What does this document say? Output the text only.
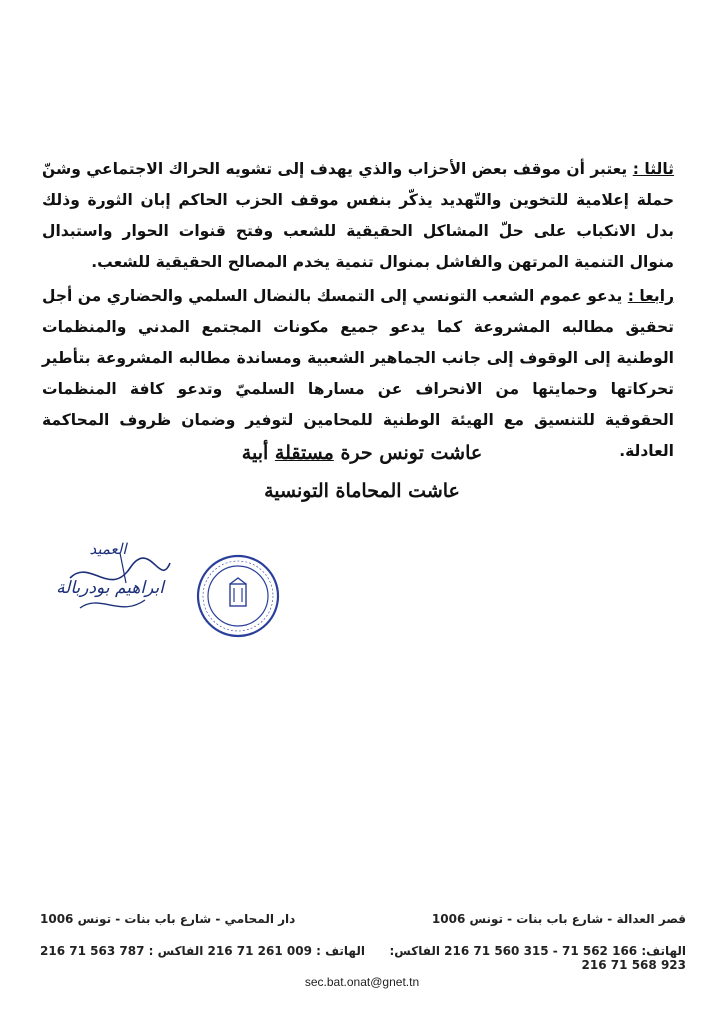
ثالثا : يعتبر أن موقف بعض الأحزاب والذي يهدف إلى تشويه الحراك الاجتماعي وشنّ حملة إعلامية للتخوين والتّهديد يذكّر بنفس موقف الحزب الحاكم إبان الثورة وذلك بدل الانكباب على حلّ المشاكل الحقيقية للشعب وفتح قنوات الحوار واستبدال منوال التنمية المرتهن والفاشل بمنوال تنمية يخدم المصالح الحقيقية للشعب.
رابعا : يدعو عموم الشعب التونسي إلى التمسك بالنضال السلمي والحضاري من أجل تحقيق مطالبه المشروعة كما يدعو جميع مكونات المجتمع المدني والمنظمات الوطنية إلى الوقوف إلى جانب الجماهير الشعبية ومساندة مطالبه المشروعة بتأطير تحركاتها وحمايتها من الانحراف عن مسارها السلميّ وتدعو كافة المنظمات الحقوقية للتنسيق مع الهيئة الوطنية للمحامين لتوفير وضمان ظروف المحاكمة العادلة.
عاشت تونس حرة مستقلة أبية
عاشت المحاماة التونسية
العميد
ابراهيم بودربالة
دار المحامي - شارع باب بنات - تونس 1006
الهاتف : 009 261 71 216 الفاكس : 787 563 71 216
قصر العدالة - شارع باب بنات - تونس 1006
الهاتف: 166 562 71 - 315 560 71 216 الفاكس: 923 568 71 216
sec.bat.onat@gnet.tn
